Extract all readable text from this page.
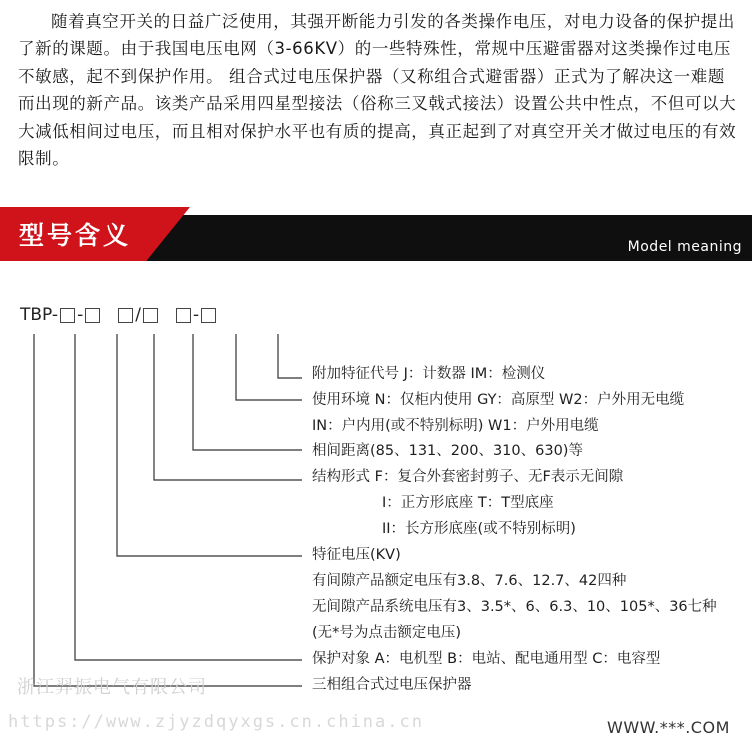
随着真空开关的日益广泛使用，其强开断能力引发的各类操作电压，对电力设备的保护提出了新的课题。由于我国电压电网（3-66KV）的一些特殊性，常规中压避雷器对这类操作过电压不敏感，起不到保护作用。 组合式过电压保护器（又称组合式避雷器）正式为了解决这一难题而出现的新产品。该类产品采用四星型接法（俗称三叉戟式接法）设置公共中性点，不但可以大大减低相间过电压，而且相对保护水平也有质的提高，真正起到了对真空开关才做过电压的有效限制。

型号含义	Model meaning
TBP- -	/	-
附加特征代号 J：计数器 IM：检测仪
使用环境 N：仅柜内使用 GY：高原型 W2：户外用无电缆
IN：户内用(或不特别标明) W1：户外用电缆
相间距离(85、131、200、310、630)等
结构形式 F：复合外套密封剪子、无F表示无间隙
I：正方形底座 T：T型底座
II：长方形底座(或不特别标明)
特征电压(KV)
有间隙产品额定电压有3.8、7.6、12.7、42四种
无间隙产品系统电压有3、3.5*、6、6.3、10、105*、36七种
(无*号为点击额定电压)
保护对象 A：电机型 B：电站、配电通用型 C：电容型
三相组合式过电压保护器
浙江羿振电气有限公司
https://www.zjyzdqyxgs.cn.china.cn	WWW.***.COM
